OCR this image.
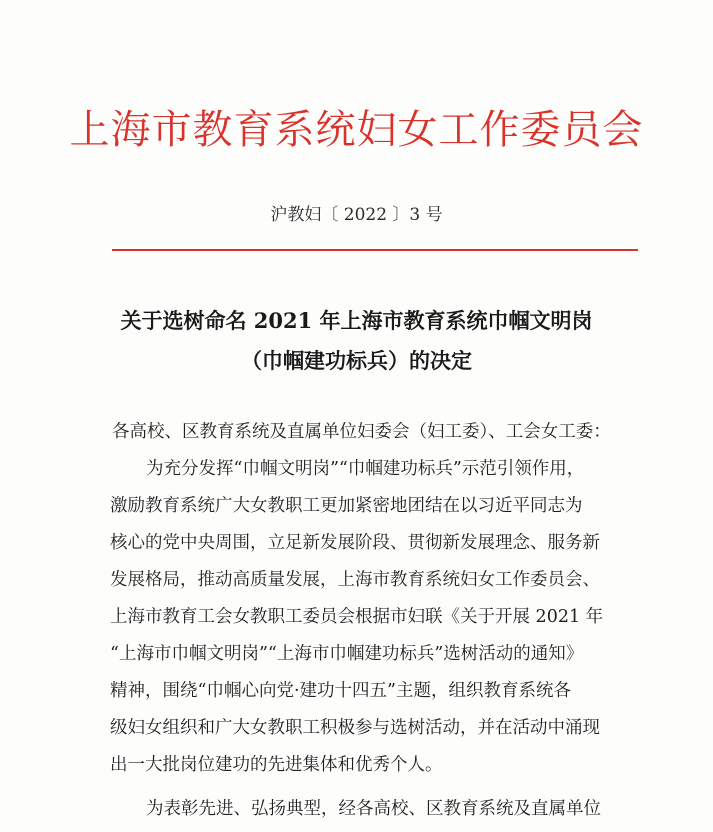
上海市教育系统妇女工作委员会
沪教妇〔 2022 〕3 号
关于选树命名 2021 年上海市教育系统巾帼文明岗
（巾帼建功标兵）的决定
各高校、区教育系统及直属单位妇委会（妇工委）、工会女工委：
为充分发挥“巾帼文明岗”“巾帼建功标兵”示范引领作用，
激励教育系统广大女教职工更加紧密地团结在以习近平同志为
核心的党中央周围，立足新发展阶段、贯彻新发展理念、服务新
发展格局，推动高质量发展，上海市教育系统妇女工作委员会、
上海市教育工会女教职工委员会根据市妇联《关于开展 2021 年
“上海市巾帼文明岗”“上海市巾帼建功标兵”选树活动的通知》
精神，围绕“巾帼心向党·建功十四五”主题，组织教育系统各
级妇女组织和广大女教职工积极参与选树活动，并在活动中涌现
出一大批岗位建功的先进集体和优秀个人。
为表彰先进、弘扬典型，经各高校、区教育系统及直属单位
